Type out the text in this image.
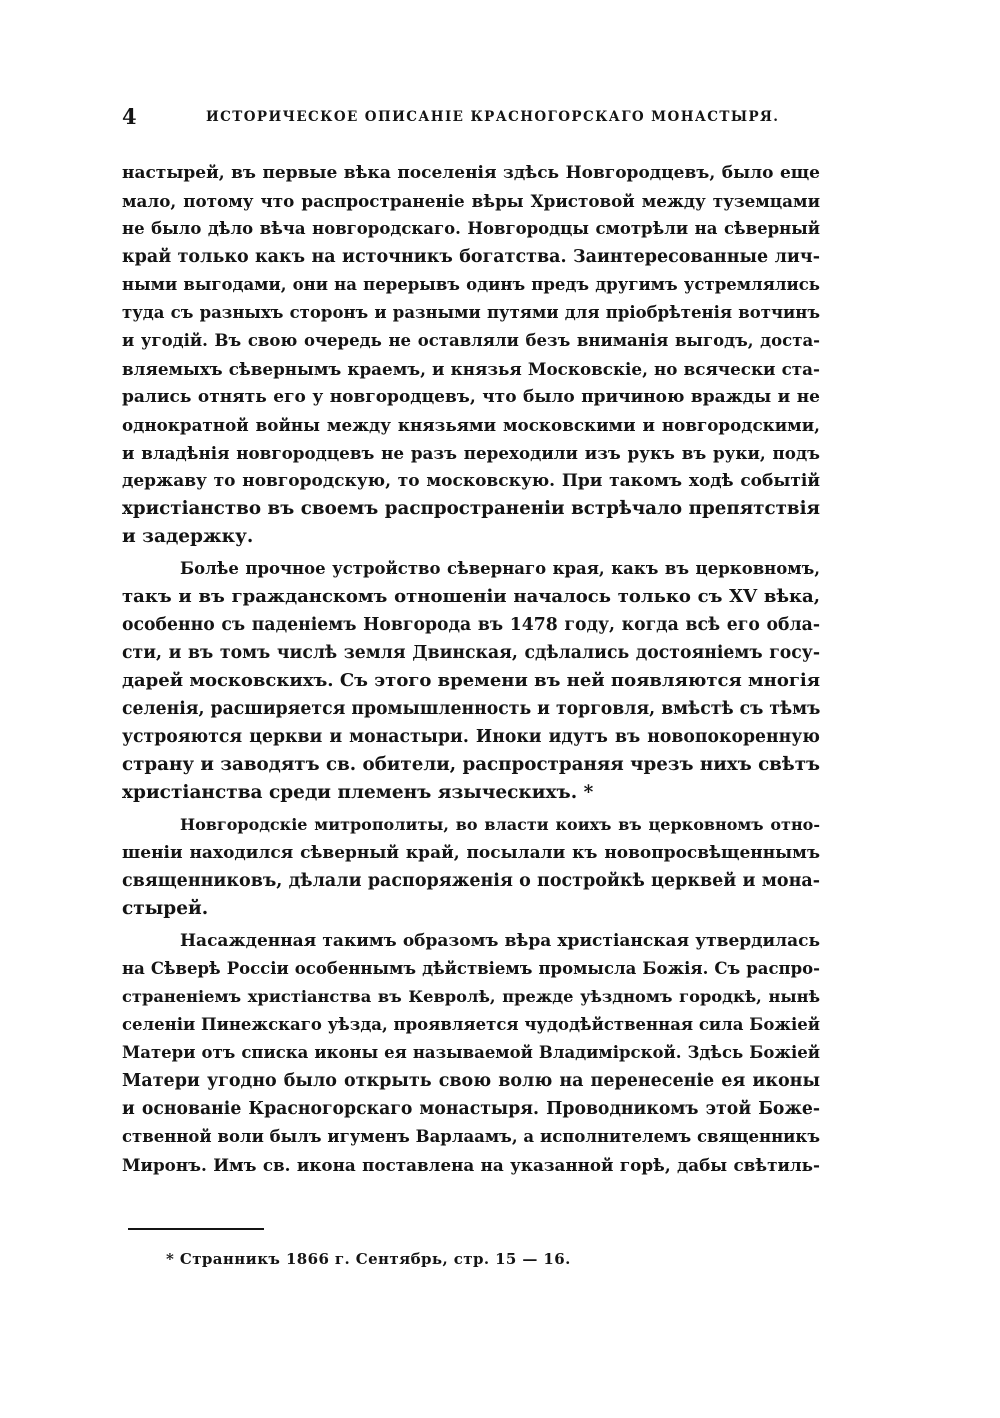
4	ИСТОРИЧЕСКОЕ ОПИСАНІЕ КРАСНОГОРСКАГО МОНАСТЫРЯ.

настырей, въ первые вѣка поселенія здѣсь Новгородцевъ, было еще
мало, потому что распространеніе вѣры Христовой между туземцами
не было дѣло вѣча новгородскаго. Новгородцы смотрѣли на сѣверный
край только какъ на источникъ богатства. Заинтересованные лич-
ными выгодами, они на перерывъ одинъ предъ другимъ устремлялись
туда съ разныхъ сторонъ и разными путями для пріобрѣтенія вотчинъ
и угодій. Въ свою очередь не оставляли безъ вниманія выгодъ, доста-
вляемыхъ сѣвернымъ краемъ, и князья Московскіе, но всячески ста-
рались отнять его у новгородцевъ, что было причиною вражды и не
однократной войны между князьями московскими и новгородскими,
и владѣнія новгородцевъ не разъ переходили изъ рукъ въ руки, подъ
державу то новгородскую, то московскую. При такомъ ходѣ событій
христіанство въ своемъ распространеніи встрѣчало препятствія
и задержку.

Болѣе прочное устройство сѣвернаго края, какъ въ церковномъ,
такъ и въ гражданскомъ отношеніи началось только съ XV вѣка,
особенно съ паденіемъ Новгорода въ 1478 году, когда всѣ его обла-
сти, и въ томъ числѣ земля Двинская, сдѣлались достояніемъ госу-
дарей московскихъ. Съ этого времени въ ней появляются многія
селенія, расширяется промышленность и торговля, вмѣстѣ съ тѣмъ
устрояются церкви и монастыри. Иноки идутъ въ новопокоренную
страну и заводятъ св. обители, распространяя чрезъ нихъ свѣтъ
христіанства среди племенъ языческихъ. *

Новгородскіе митрополиты, во власти коихъ въ церковномъ отно-
шеніи находился сѣверный край, посылали къ новопросвѣщеннымъ
священниковъ, дѣлали распоряженія о постройкѣ церквей и мона-
стырей.

Насажденная такимъ образомъ вѣра христіанская утвердилась
на Сѣверѣ Россіи особеннымъ дѣйствіемъ промысла Божія. Съ распро-
страненіемъ христіанства въ Кевролѣ, прежде уѣздномъ городкѣ, нынѣ
селеніи Пинежскаго уѣзда, проявляется чудодѣйственная сила Божіей
Матери отъ списка иконы ея называемой Владимірской. Здѣсь Божіей
Матери угодно было открыть свою волю на перенесеніе ея иконы
и основаніе Красногорскаго монастыря. Проводникомъ этой Боже-
ственной воли былъ игуменъ Варлаамъ, а исполнителемъ священникъ
Миронъ. Имъ св. икона поставлена на указанной горѣ, дабы свѣтиль-

* Странникъ 1866 г. Сентябрь, стр. 15 — 16.
